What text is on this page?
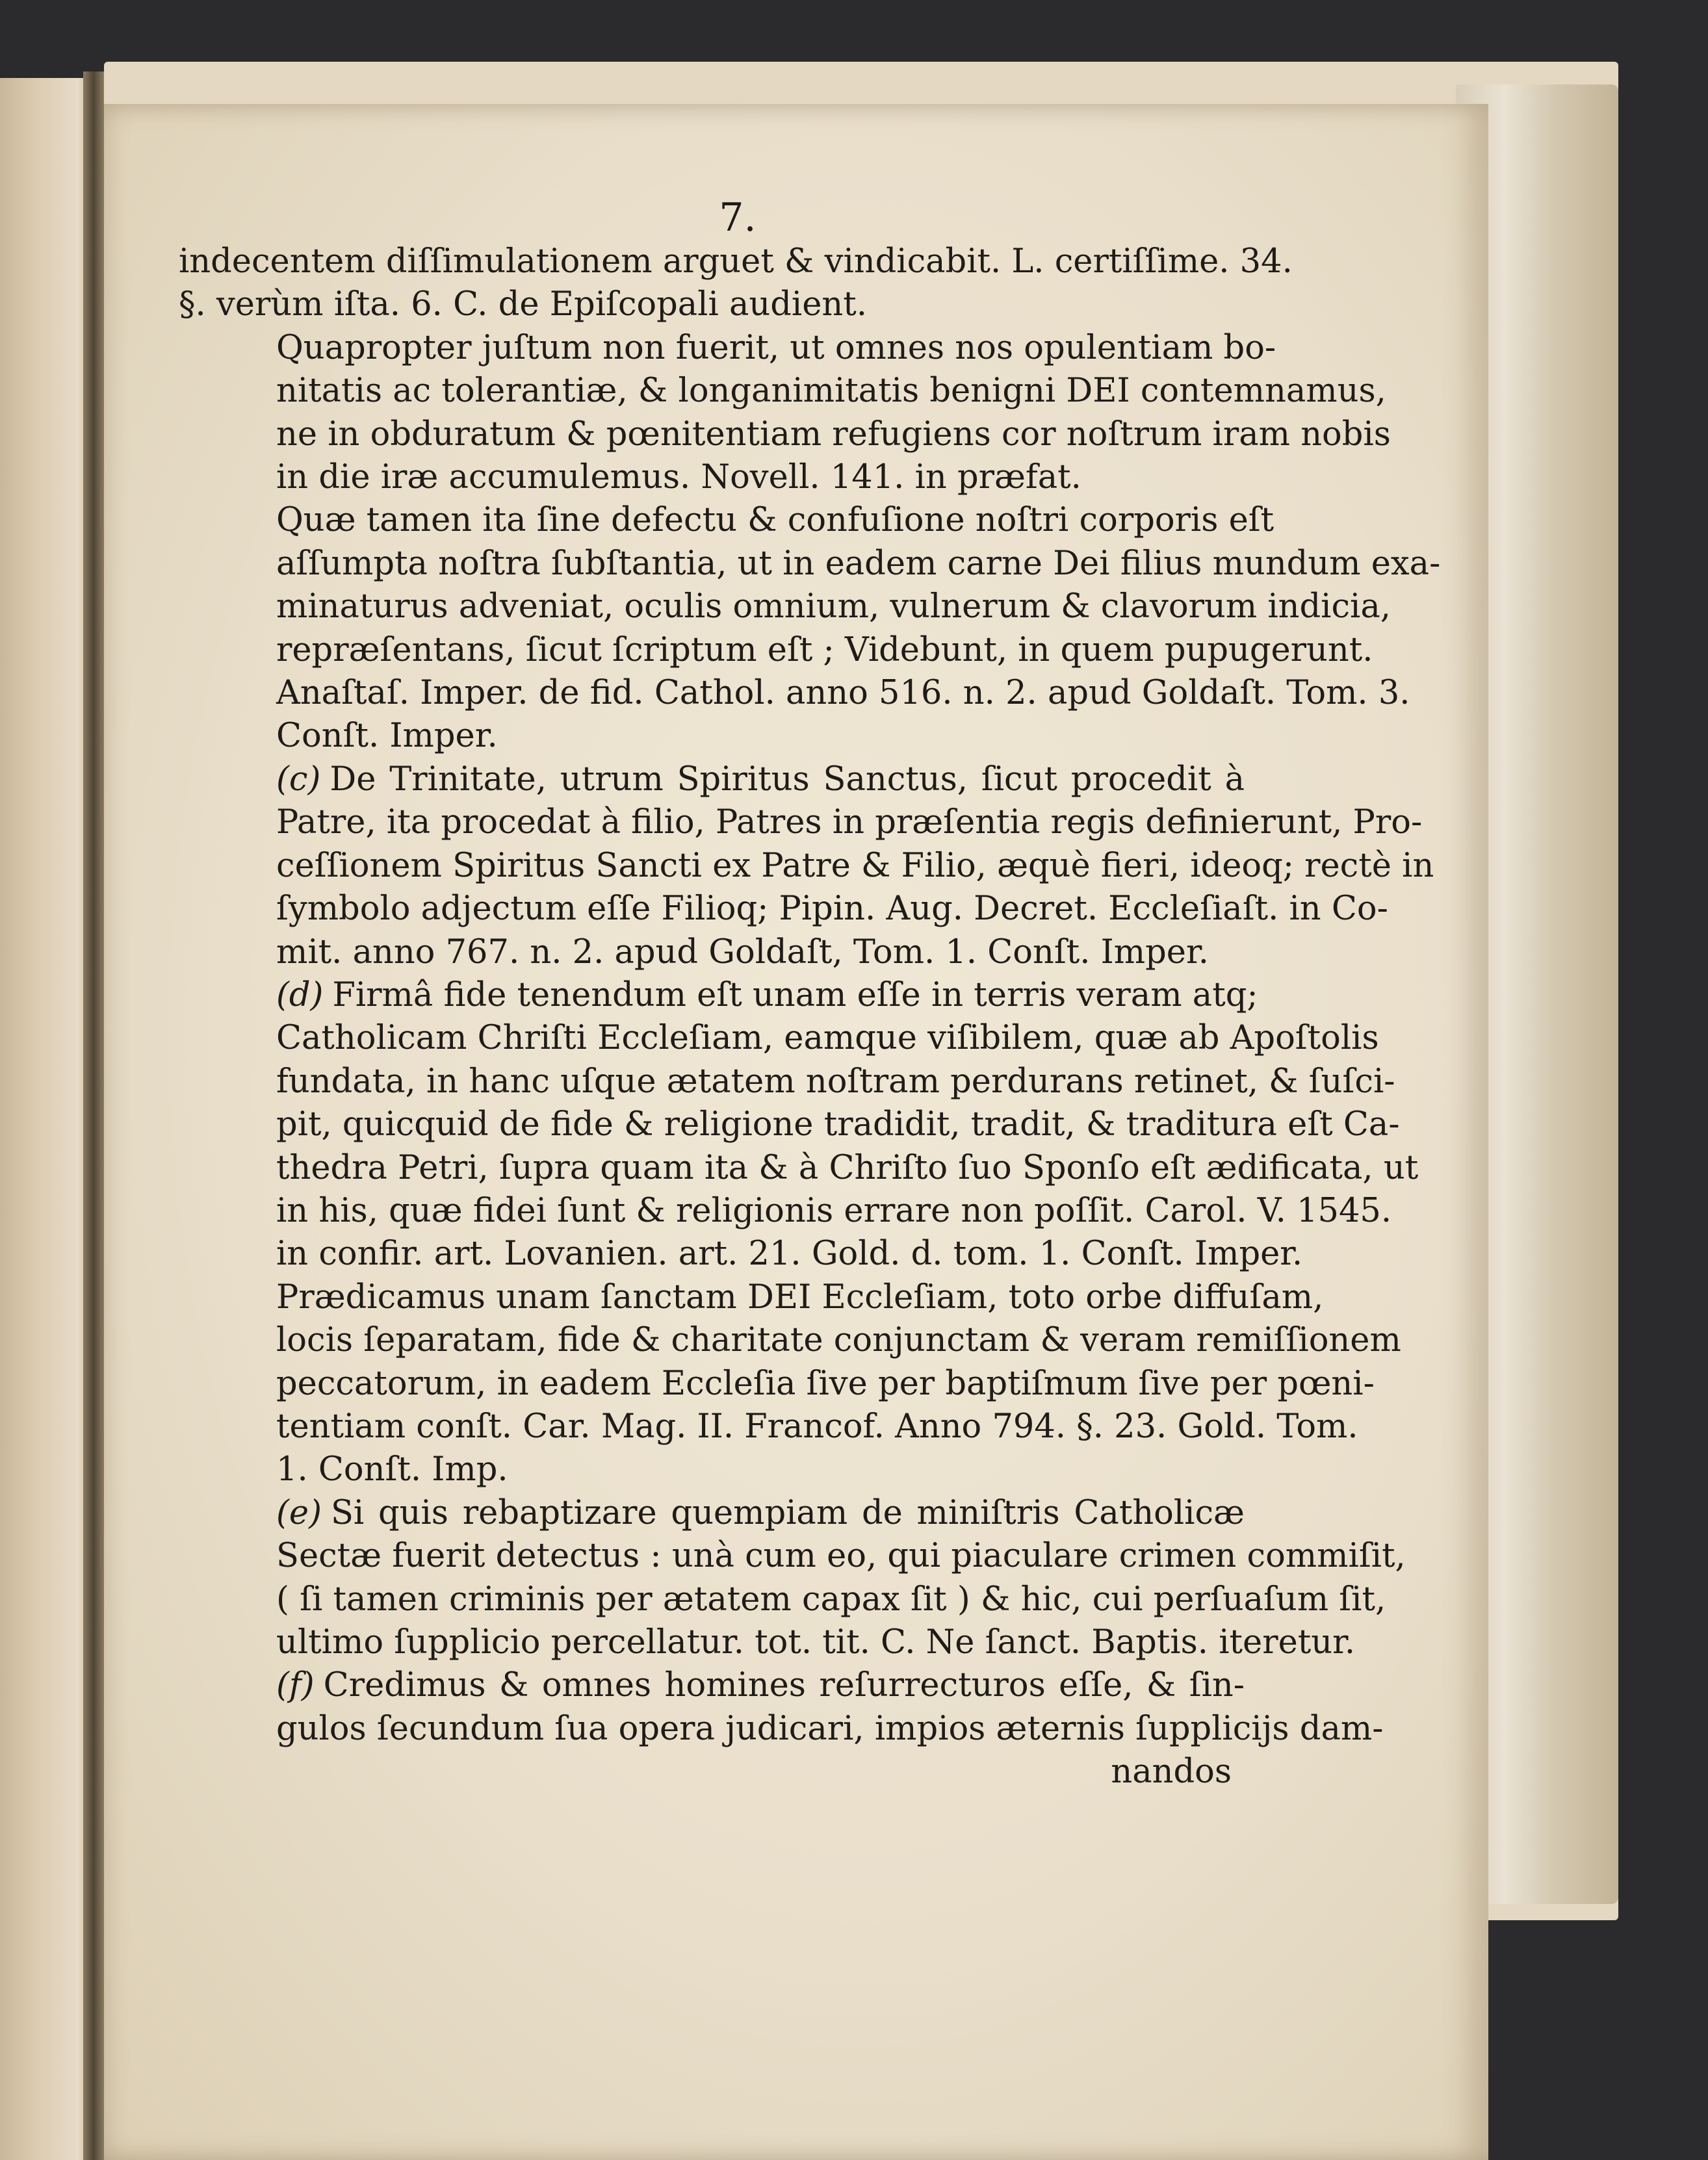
7.
indecentem diſſimulationem arguet & vindicabit. L. certiſſime. 34.
§. verùm iſta. 6. C. de Epiſcopali audient.
Quapropter juſtum non fuerit, ut omnes nos opulentiam bo-
nitatis ac tolerantiæ, & longanimitatis benigni DEI contemnamus,
ne in obduratum & pœnitentiam refugiens cor noſtrum iram nobis
in die iræ accumulemus. Novell. 141. in præfat.
Quæ tamen ita ſine defectu & confuſione noſtri corporis eſt
aſſumpta noſtra ſubſtantia, ut in eadem carne Dei filius mundum exa-
minaturus adveniat, oculis omnium, vulnerum & clavorum indicia,
repræſentans, ſicut ſcriptum eſt ; Videbunt, in quem pupugerunt.
Anaſtaſ. Imper. de fid. Cathol. anno 516. n. 2. apud Goldaſt. Tom. 3.
Conſt. Imper.
(c) De Trinitate, utrum Spiritus Sanctus, ſicut procedit à
Patre, ita procedat à filio, Patres in præſentia regis definierunt, Pro-
ceſſionem Spiritus Sancti ex Patre & Filio, æquè fieri, ideoq; rectè in
ſymbolo adjectum eſſe Filioq; Pipin. Aug. Decret. Eccleſiaſt. in Co-
mit. anno 767. n. 2. apud Goldaſt, Tom. 1. Conſt. Imper.
(d) Firmâ fide tenendum eſt unam eſſe in terris veram atq;
Catholicam Chriſti Eccleſiam, eamque viſibilem, quæ ab Apoſtolis
fundata, in hanc uſque ætatem noſtram perdurans retinet, & ſuſci-
pit, quicquid de fide & religione tradidit, tradit, & traditura eſt Ca-
thedra Petri, ſupra quam ita & à Chriſto ſuo Sponſo eſt ædificata, ut
in his, quæ fidei ſunt & religionis errare non poſſit. Carol. V. 1545.
in confir. art. Lovanien. art. 21. Gold. d. tom. 1. Conſt. Imper.
Prædicamus unam ſanctam DEI Eccleſiam, toto orbe diffuſam,
locis ſeparatam, fide & charitate conjunctam & veram remiſſionem
peccatorum, in eadem Eccleſia ſive per baptiſmum ſive per pœni-
tentiam conſt. Car. Mag. II. Francof. Anno 794. §. 23. Gold. Tom.
1. Conſt. Imp.
(e) Si quis rebaptizare quempiam de miniſtris Catholicæ
Sectæ fuerit detectus : unà cum eo, qui piaculare crimen commiſit,
( ſi tamen criminis per ætatem capax ſit ) & hic, cui perſuaſum ſit,
ultimo ſupplicio percellatur. tot. tit. C. Ne ſanct. Baptis. iteretur.
(f) Credimus & omnes homines reſurrecturos eſſe, & ſin-
gulos ſecundum ſua opera judicari, impios æternis ſupplicijs dam-
nandos
